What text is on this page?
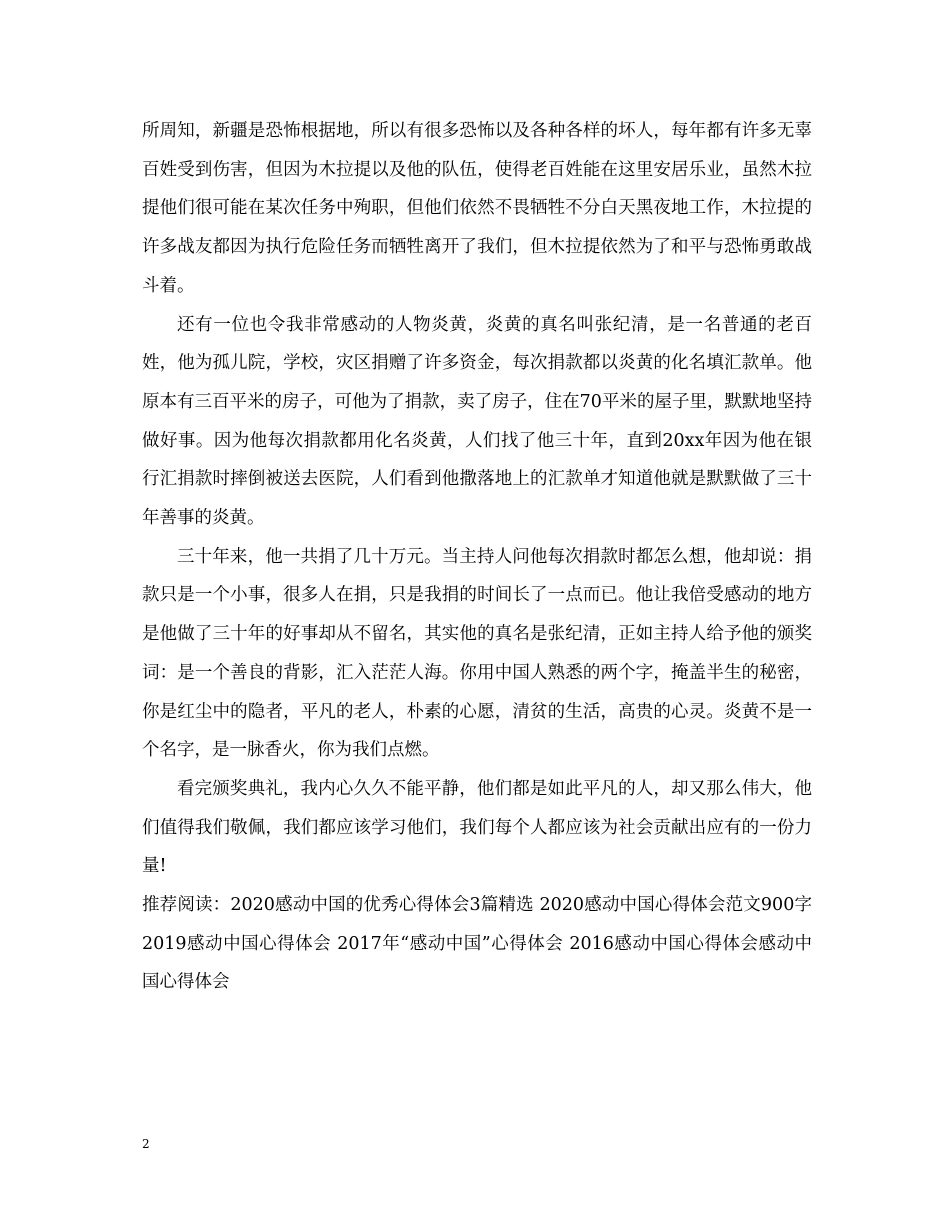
所周知，新疆是恐怖根据地，所以有很多恐怖以及各种各样的坏人，每年都有许多无辜百姓受到伤害，但因为木拉提以及他的队伍，使得老百姓能在这里安居乐业，虽然木拉提他们很可能在某次任务中殉职，但他们依然不畏牺牲不分白天黑夜地工作，木拉提的许多战友都因为执行危险任务而牺牲离开了我们，但木拉提依然为了和平与恐怖勇敢战斗着。

还有一位也令我非常感动的人物炎黄，炎黄的真名叫张纪清，是一名普通的老百姓，他为孤儿院，学校，灾区捐赠了许多资金，每次捐款都以炎黄的化名填汇款单。他原本有三百平米的房子，可他为了捐款，卖了房子，住在70平米的屋子里，默默地坚持做好事。因为他每次捐款都用化名炎黄，人们找了他三十年，直到20xx年因为他在银行汇捐款时摔倒被送去医院，人们看到他撒落地上的汇款单才知道他就是默默做了三十年善事的炎黄。

三十年来，他一共捐了几十万元。当主持人问他每次捐款时都怎么想，他却说：捐款只是一个小事，很多人在捐，只是我捐的时间长了一点而已。他让我倍受感动的地方是他做了三十年的好事却从不留名，其实他的真名是张纪清，正如主持人给予他的颁奖词：是一个善良的背影，汇入茫茫人海。你用中国人熟悉的两个字，掩盖半生的秘密，你是红尘中的隐者，平凡的老人，朴素的心愿，清贫的生活，高贵的心灵。炎黄不是一个名字，是一脉香火，你为我们点燃。

看完颁奖典礼，我内心久久不能平静，他们都是如此平凡的人，却又那么伟大，他们值得我们敬佩，我们都应该学习他们，我们每个人都应该为社会贡献出应有的一份力量!

推荐阅读：2020感动中国的优秀心得体会3篇精选 2020感动中国心得体会范文900字 2019感动中国心得体会 2017年“感动中国”心得体会 2016感动中国心得体会感动中国心得体会

2
